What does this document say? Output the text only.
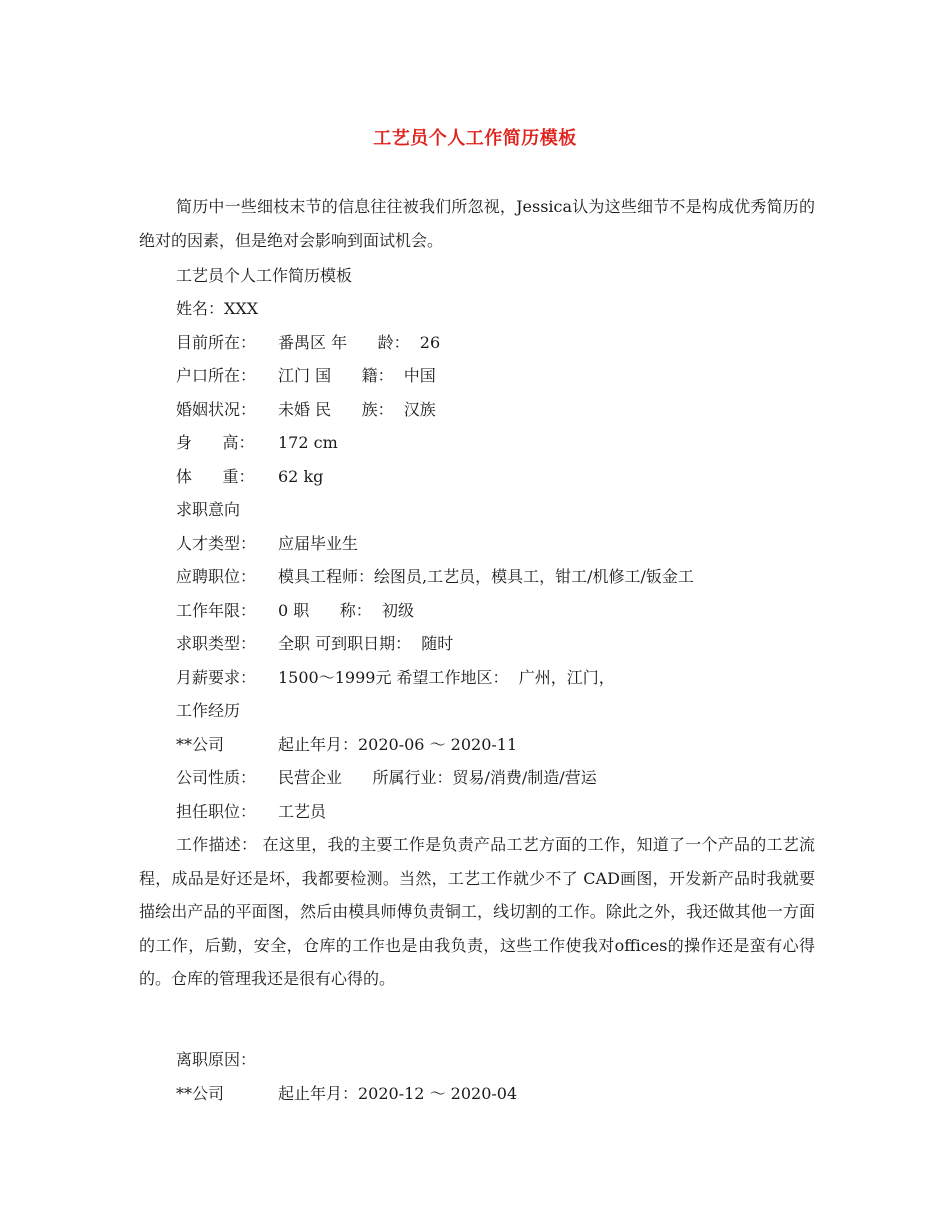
工艺员个人工作简历模板

简历中一些细枝末节的信息往往被我们所忽视，Jessica认为这些细节不是构成优秀简历的绝对的因素，但是绝对会影响到面试机会。

工艺员个人工作简历模板
姓名：XXX
目前所在： 番禺区 年      龄：  26
户口所在： 江门 国      籍：  中国
婚姻状况： 未婚 民      族：  汉族
身      高： 172 cm
体      重： 62 kg
求职意向
人才类型： 应届毕业生
应聘职位： 模具工程师：绘图员,工艺员，模具工，钳工/机修工/钣金工
工作年限： 0 职      称：  初级
求职类型： 全职 可到职日期：  随时
月薪要求： 1500～1999元 希望工作地区：  广州，江门，
工作经历
**公司	起止年月：2020-06 ～ 2020-11
公司性质： 民营企业      所属行业：贸易/消费/制造/营运
担任职位： 工艺员

工作描述： 在这里，我的主要工作是负责产品工艺方面的工作，知道了一个产品的工艺流程，成品是好还是坏，我都要检测。当然，工艺工作就少不了 CAD画图，开发新产品时我就要描绘出产品的平面图，然后由模具师傅负责铜工，线切割的工作。除此之外，我还做其他一方面的工作，后勤，安全，仓库的工作也是由我负责，这些工作使我对offices的操作还是蛮有心得的。仓库的管理我还是很有心得的。

离职原因：
**公司	起止年月：2020-12 ～ 2020-04
